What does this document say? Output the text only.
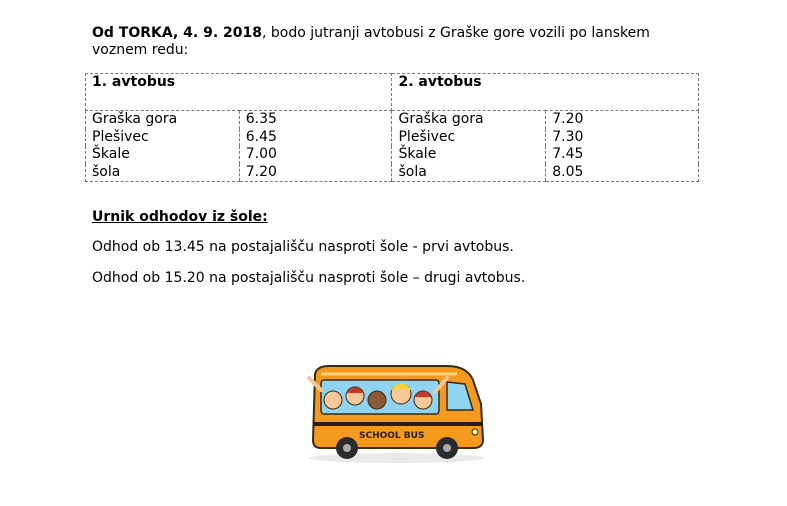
Od TORKA, 4. 9. 2018, bodo jutranji avtobusi z Graške gore vozili po lanskem voznem redu:
1. avtobus		2. avtobus	
Graška gora	6.35	Graška gora	7.20
Plešivec	6.45	Plešivec	7.30
Škale	7.00	Škale	7.45
šola	7.20	šola	8.05
Urnik odhodov iz šole:
Odhod ob 13.45 na postajališču nasproti šole - prvi avtobus.
Odhod ob 15.20 na postajališču nasproti šole – drugi avtobus.
SCHOOL BUS
